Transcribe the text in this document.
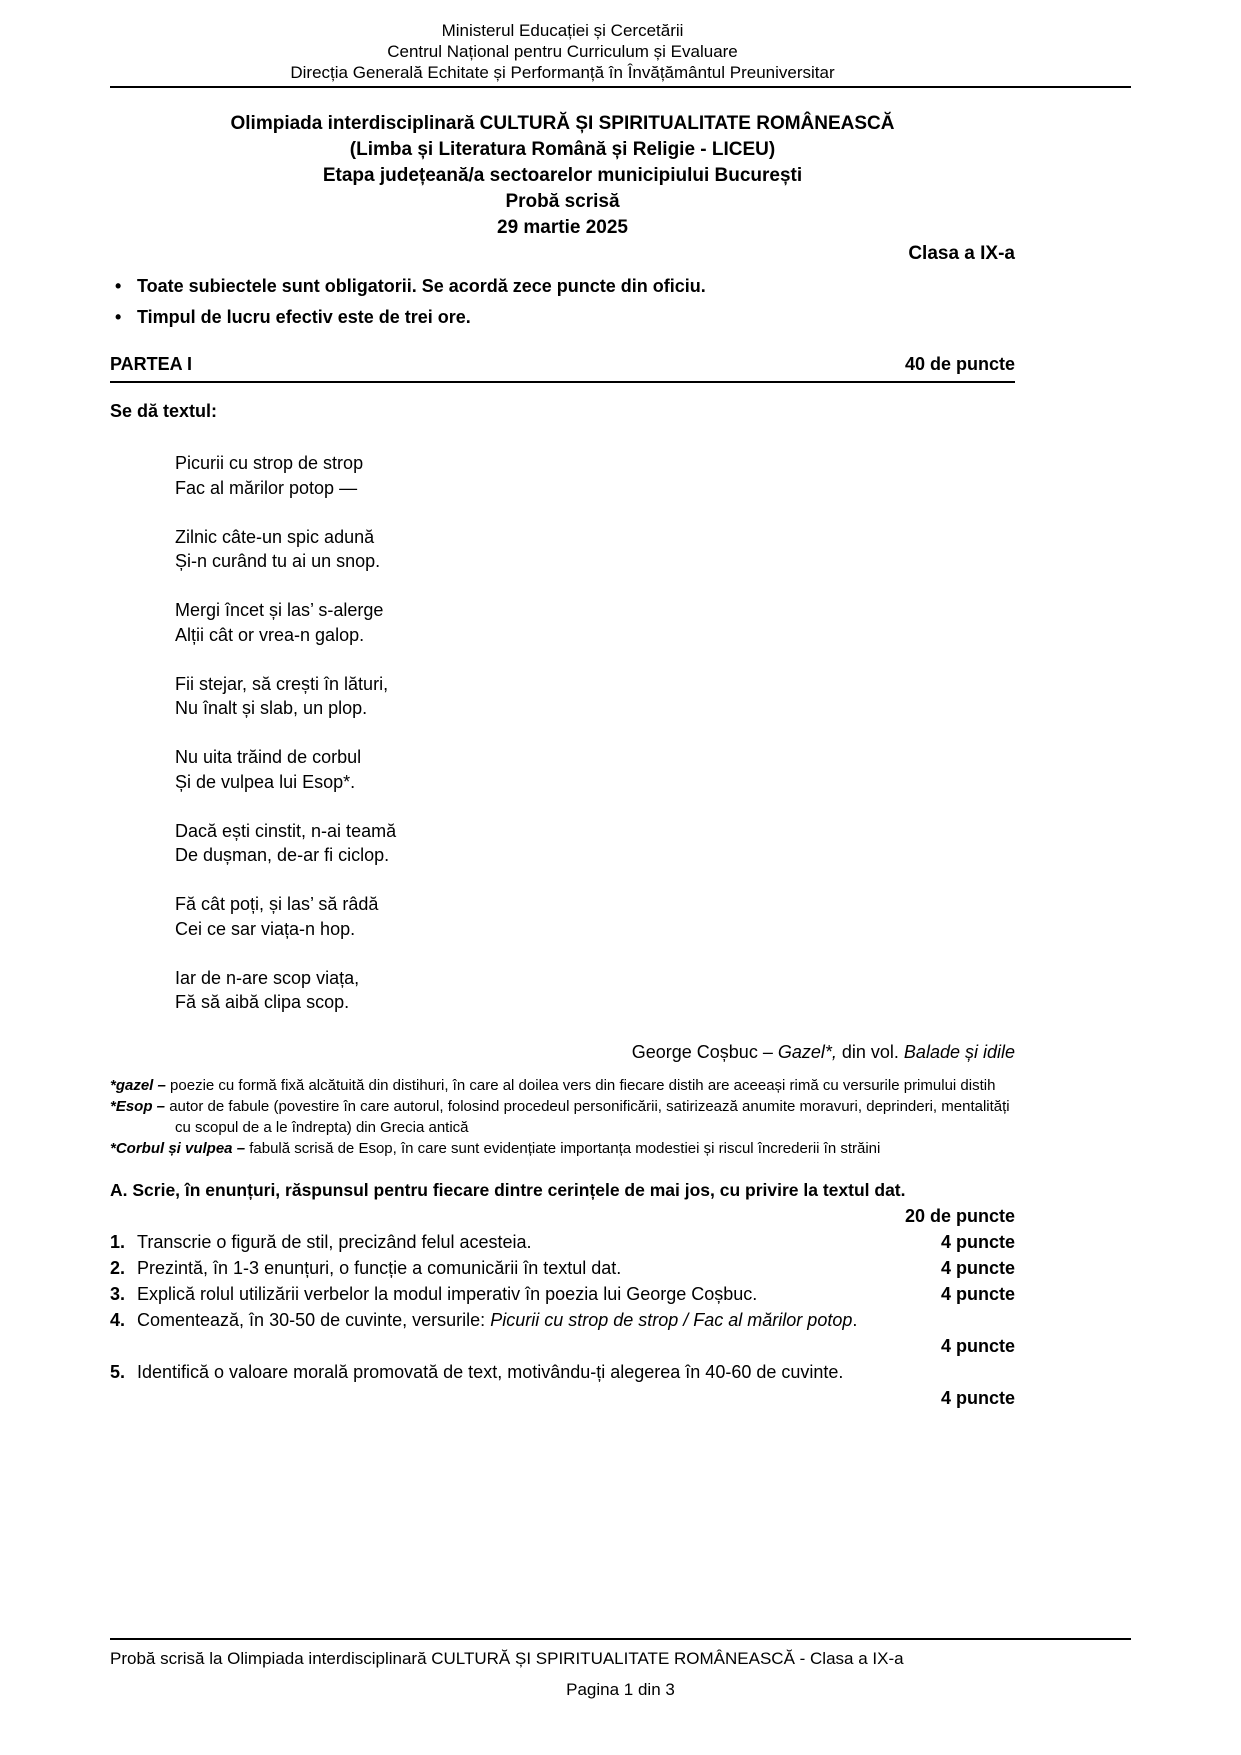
Ministerul Educației și Cercetării
Centrul Național pentru Curriculum și Evaluare
Direcția Generală Echitate și Performanță în Învățământul Preuniversitar
Olimpiada interdisciplinară CULTURĂ ȘI SPIRITUALITATE ROMÂNEASCĂ
(Limba și Literatura Română și Religie - LICEU)
Etapa județeană/a sectoarelor municipiului București
Probă scrisă
29 martie 2025
Clasa a IX-a
•
Toate subiectele sunt obligatorii. Se acordă zece puncte din oficiu.
•
Timpul de lucru efectiv este de trei ore.
PARTEA I	40 de puncte
Se dă textul:
Picurii cu strop de strop
Fac al mărilor potop —
Zilnic câte-un spic adună
Și-n curând tu ai un snop.
Mergi încet și las’ s-alerge
Alții cât or vrea-n galop.
Fii stejar, să crești în lături,
Nu înalt și slab, un plop.
Nu uita trăind de corbul
Și de vulpea lui Esop*.
Dacă ești cinstit, n-ai teamă
De dușman, de-ar fi ciclop.
Fă cât poți, și las’ să râdă
Cei ce sar viața-n hop.
Iar de n-are scop viața,
Fă să aibă clipa scop.
George Coșbuc – Gazel*, din vol. Balade și idile
*gazel – poezie cu formă fixă alcătuită din distihuri, în care al doilea vers din fiecare distih are aceeași rimă cu versurile primului distih
*Esop – autor de fabule (povestire în care autorul, folosind procedeul personificării, satirizează anumite moravuri, deprinderi, mentalități cu scopul de a le îndrepta) din Grecia antică
*Corbul și vulpea – fabulă scrisă de Esop, în care sunt evidențiate importanța modestiei și riscul încrederii în străini
A. Scrie, în enunțuri, răspunsul pentru fiecare dintre cerințele de mai jos, cu privire la textul dat.
20 de puncte
1. Transcrie o figură de stil, precizând felul acesteia.	4 puncte
2. Prezintă, în 1-3 enunțuri, o funcție a comunicării în textul dat.	4 puncte
3. Explică rolul utilizării verbelor la modul imperativ în poezia lui George Coșbuc.	4 puncte
4. Comentează, în 30-50 de cuvinte, versurile: Picurii cu strop de strop / Fac al mărilor potop.
4 puncte
5. Identifică o valoare morală promovată de text, motivându-ți alegerea în 40-60 de cuvinte.
4 puncte
Probă scrisă la Olimpiada interdisciplinară CULTURĂ ȘI SPIRITUALITATE ROMÂNEASCĂ - Clasa a IX-a
Pagina 1 din 3
